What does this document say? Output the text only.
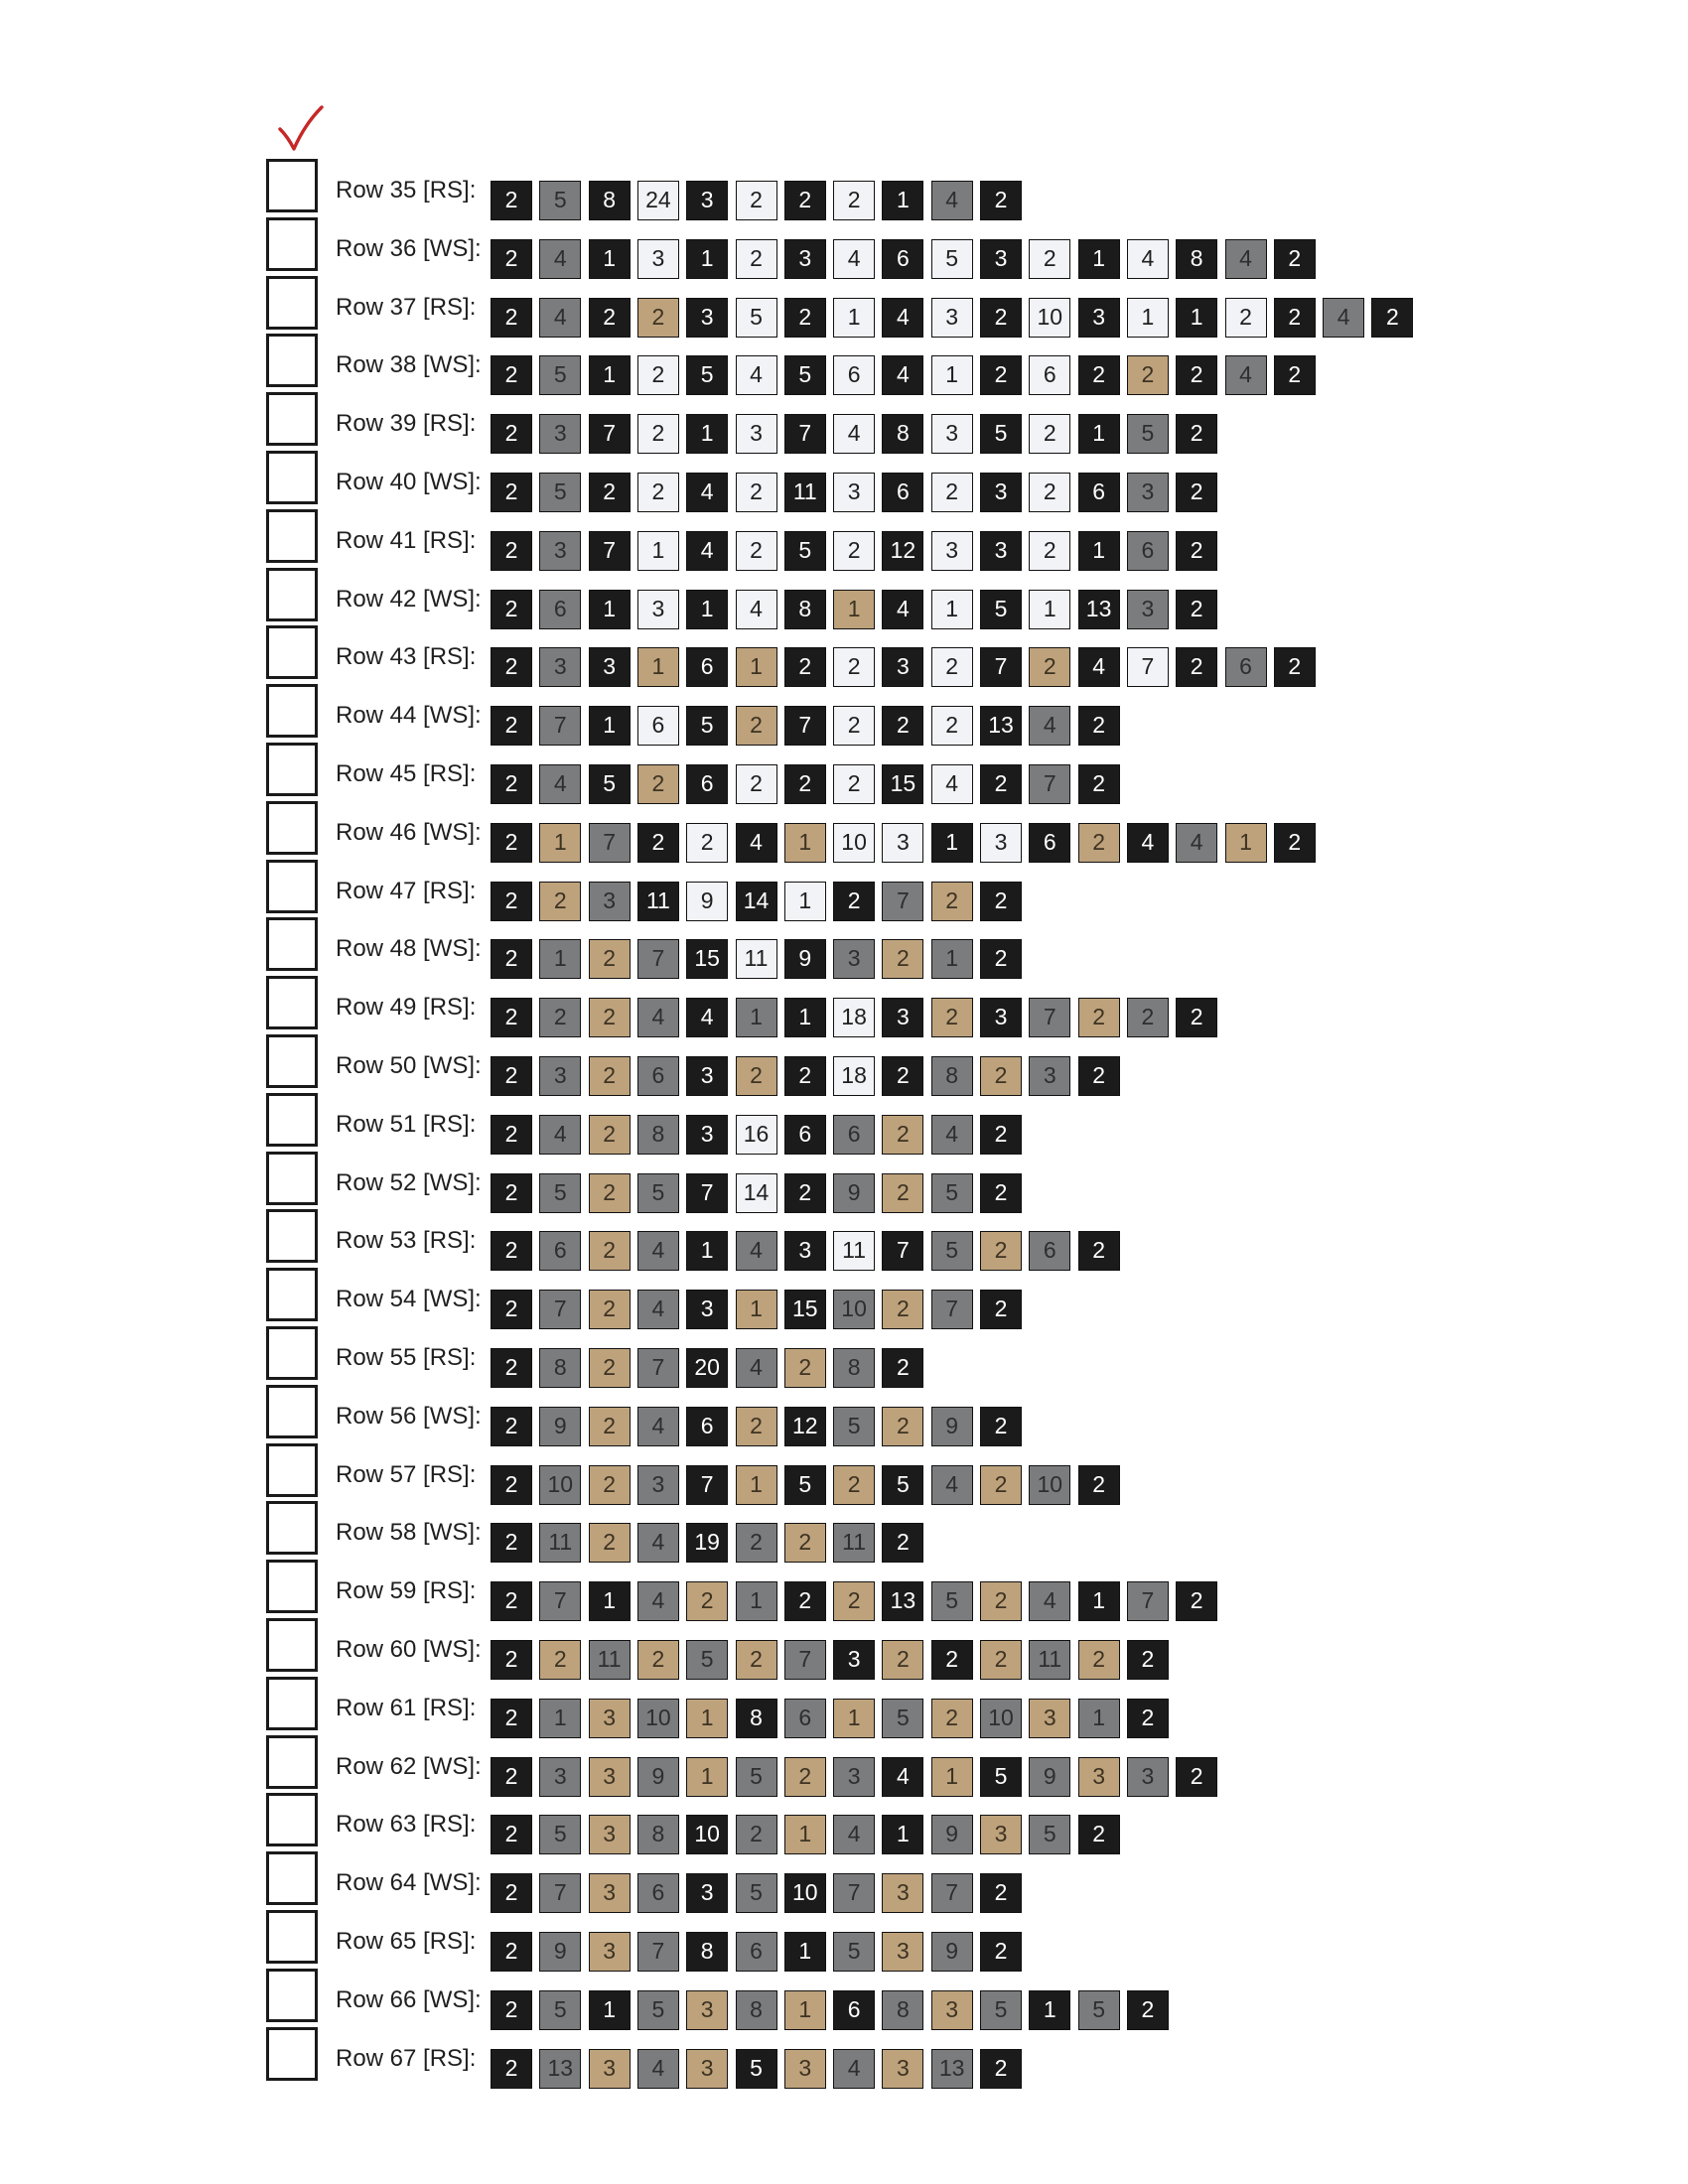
Row 35 [RS]:	2	5	8	24	3	2	2	2	1	4	2
Row 36 [WS]:	2	4	1	3	1	2	3	4	6	5	3	2	1	4	8	4	2
Row 37 [RS]:	2	4	2	2	3	5	2	1	4	3	2	10	3	1	1	2	2	4	2
Row 38 [WS]:	2	5	1	2	5	4	5	6	4	1	2	6	2	2	2	4	2
Row 39 [RS]:	2	3	7	2	1	3	7	4	8	3	5	2	1	5	2
Row 40 [WS]:	2	5	2	2	4	2	11	3	6	2	3	2	6	3	2
Row 41 [RS]:	2	3	7	1	4	2	5	2	12	3	3	2	1	6	2
Row 42 [WS]:	2	6	1	3	1	4	8	1	4	1	5	1	13	3	2
Row 43 [RS]:	2	3	3	1	6	1	2	2	3	2	7	2	4	7	2	6	2
Row 44 [WS]:	2	7	1	6	5	2	7	2	2	2	13	4	2
Row 45 [RS]:	2	4	5	2	6	2	2	2	15	4	2	7	2
Row 46 [WS]:	2	1	7	2	2	4	1	10	3	1	3	6	2	4	4	1	2
Row 47 [RS]:	2	2	3	11	9	14	1	2	7	2	2
Row 48 [WS]:	2	1	2	7	15	11	9	3	2	1	2
Row 49 [RS]:	2	2	2	4	4	1	1	18	3	2	3	7	2	2	2
Row 50 [WS]:	2	3	2	6	3	2	2	18	2	8	2	3	2
Row 51 [RS]:	2	4	2	8	3	16	6	6	2	4	2
Row 52 [WS]:	2	5	2	5	7	14	2	9	2	5	2
Row 53 [RS]:	2	6	2	4	1	4	3	11	7	5	2	6	2
Row 54 [WS]:	2	7	2	4	3	1	15	10	2	7	2
Row 55 [RS]:	2	8	2	7	20	4	2	8	2
Row 56 [WS]:	2	9	2	4	6	2	12	5	2	9	2
Row 57 [RS]:	2	10	2	3	7	1	5	2	5	4	2	10	2
Row 58 [WS]:	2	11	2	4	19	2	2	11	2
Row 59 [RS]:	2	7	1	4	2	1	2	2	13	5	2	4	1	7	2
Row 60 [WS]:	2	2	11	2	5	2	7	3	2	2	2	11	2	2
Row 61 [RS]:	2	1	3	10	1	8	6	1	5	2	10	3	1	2
Row 62 [WS]:	2	3	3	9	1	5	2	3	4	1	5	9	3	3	2
Row 63 [RS]:	2	5	3	8	10	2	1	4	1	9	3	5	2
Row 64 [WS]:	2	7	3	6	3	5	10	7	3	7	2
Row 65 [RS]:	2	9	3	7	8	6	1	5	3	9	2
Row 66 [WS]:	2	5	1	5	3	8	1	6	8	3	5	1	5	2
Row 67 [RS]:	2	13	3	4	3	5	3	4	3	13	2
